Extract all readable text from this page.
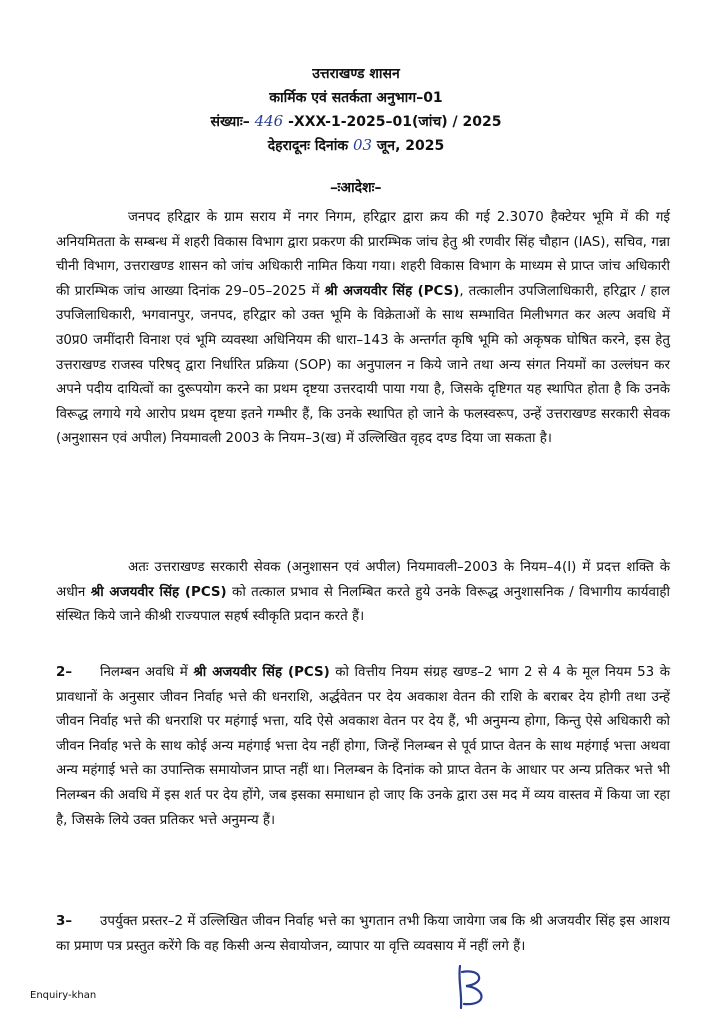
उत्तराखण्ड शासन
कार्मिक एवं सतर्कता अनुभाग–01
संख्याः– 446 -XXX-1-2025–01(जांच) / 2025
देहरादूनः दिनांक 03 जून, 2025
–ःआदेशः–
जनपद हरिद्वार के ग्राम सराय में नगर निगम, हरिद्वार द्वारा क्रय की गई 2.3070 हैक्टेयर भूमि में की गई अनियमितता के सम्बन्ध में शहरी विकास विभाग द्वारा प्रकरण की प्रारम्भिक जांच हेतु श्री रणवीर सिंह चौहान (IAS), सचिव, गन्ना चीनी विभाग, उत्तराखण्ड शासन को जांच अधिकारी नामित किया गया। शहरी विकास विभाग के माध्यम से प्राप्त जांच अधिकारी की प्रारम्भिक जांच आख्या दिनांक 29–05–2025 में श्री अजयवीर सिंह (PCS), तत्कालीन उपजिलाधिकारी, हरिद्वार / हाल उपजिलाधिकारी, भगवानपुर, जनपद, हरिद्वार को उक्त भूमि के विक्रेताओं के साथ सम्भावित मिलीभगत कर अल्प अवधि में उ0प्र0 जमींदारी विनाश एवं भूमि व्यवस्था अधिनियम की धारा–143 के अन्तर्गत कृषि भूमि को अकृषक घोषित करने, इस हेतु उत्तराखण्ड राजस्व परिषद् द्वारा निर्धारित प्रक्रिया (SOP) का अनुपालन न किये जाने तथा अन्य संगत नियमों का उल्लंघन कर अपने पदीय दायित्वों का दुरूपयोग करने का प्रथम दृष्टया उत्तरदायी पाया गया है, जिसके दृष्टिगत यह स्थापित होता है कि उनके विरूद्ध लगाये गये आरोप प्रथम दृष्टया इतने गम्भीर हैं, कि उनके स्थापित हो जाने के फलस्वरूप, उन्हें उत्तराखण्ड सरकारी सेवक (अनुशासन एवं अपील) नियमावली 2003 के नियम–3(ख) में उल्लिखित वृहद दण्ड दिया जा सकता है।
अतः उत्तराखण्ड सरकारी सेवक (अनुशासन एवं अपील) नियमावली–2003 के नियम–4(I) में प्रदत्त शक्ति के अधीन श्री अजयवीर सिंह (PCS) को तत्काल प्रभाव से निलम्बित करते हुये उनके विरूद्ध अनुशासनिक / विभागीय कार्यवाही संस्थित किये जाने कीश्री राज्यपाल सहर्ष स्वीकृति प्रदान करते हैं।
2– निलम्बन अवधि में श्री अजयवीर सिंह (PCS) को वित्तीय नियम संग्रह खण्ड–2 भाग 2 से 4 के मूल नियम 53 के प्रावधानों के अनुसार जीवन निर्वाह भत्ते की धनराशि, अर्द्धवेतन पर देय अवकाश वेतन की राशि के बराबर देय होगी तथा उन्हें जीवन निर्वाह भत्ते की धनराशि पर महंगाई भत्ता, यदि ऐसे अवकाश वेतन पर देय हैं, भी अनुमन्य होगा, किन्तु ऐसे अधिकारी को जीवन निर्वाह भत्ते के साथ कोई अन्य महंगाई भत्ता देय नहीं होगा, जिन्हें निलम्बन से पूर्व प्राप्त वेतन के साथ महंगाई भत्ता अथवा अन्य महंगाई भत्ते का उपान्तिक समायोजन प्राप्त नहीं था। निलम्बन के दिनांक को प्राप्त वेतन के आधार पर अन्य प्रतिकर भत्ते भी निलम्बन की अवधि में इस शर्त पर देय होंगे, जब इसका समाधान हो जाए कि उनके द्वारा उस मद में व्यय वास्तव में किया जा रहा है, जिसके लिये उक्त प्रतिकर भत्ते अनुमन्य हैं।
3– उपर्युक्त प्रस्तर–2 में उल्लिखित जीवन निर्वाह भत्ते का भुगतान तभी किया जायेगा जब कि श्री अजयवीर सिंह इस आशय का प्रमाण पत्र प्रस्तुत करेंगे कि वह किसी अन्य सेवायोजन, व्यापार या वृत्ति व्यवसाय में नहीं लगे हैं।
Enquiry-khan
